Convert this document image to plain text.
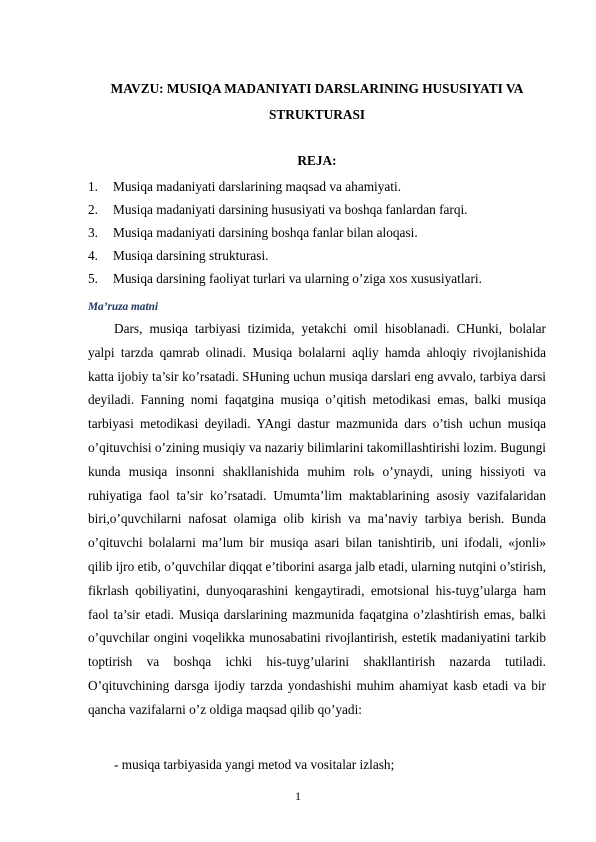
MAVZU: MUSIQA MADANIYATI DARSLARINING HUSUSIYATI VA
STRUKTURASI
REJA:
1.	Musiqa madaniyati darslarining maqsad va ahamiyati.
2.	Musiqa madaniyati darsining hususiyati va boshqa fanlardan farqi.
3.	Musiqa madaniyati darsining boshqa fanlar bilan aloqasi.
4.	Musiqa darsining strukturasi.
5.	Musiqa darsining faoliyat turlari va ularning o’ziga xos xususiyatlari.

Ma’ruza matni

Dars, musiqa tarbiyasi tizimida, yetakchi omil hisoblanadi. CHunki, bolalar yalpi tarzda qamrab olinadi. Musiqa bolalarni aqliy hamda ahloqiy rivojlanishida katta ijobiy ta’sir ko’rsatadi. SHuning uchun musiqa darslari eng avvalo, tarbiya darsi deyiladi. Fanning nomi faqatgina musiqa o’qitish metodikasi emas, balki musiqa tarbiyasi metodikasi deyiladi. YAngi dastur mazmunida dars o’tish uchun musiqa o’qituvchisi o’zining musiqiy va nazariy bilimlarini takomillashtirishi lozim. Bugungi kunda musiqa insonni shakllanishida muhim rolь o’ynaydi, uning hissiyoti va ruhiyatiga faol ta’sir ko’rsatadi. Umumta’lim maktablarining asosiy vazifalaridan biri,o’quvchilarni nafosat olamiga olib kirish va ma’naviy tarbiya berish. Bunda o’qituvchi bolalarni ma’lum bir musiqa asari bilan tanishtirib, uni ifodali, «jonli» qilib ijro etib, o’quvchilar diqqat e’tiborini asarga jalb etadi, ularning nutqini o’stirish, fikrlash qobiliyatini, dunyoqarashini kengaytiradi, emotsional his-tuyg’ularga ham faol ta’sir etadi. Musiqa darslarining mazmunida faqatgina o’zlashtirish emas, balki o’quvchilar ongini voqelikka munosabatini rivojlantirish, estetik madaniyatini tarkib toptirish va boshqa ichki his-tuyg’ularini shakllantirish nazarda tutiladi. O’qituvchining darsga ijodiy tarzda yondashishi muhim ahamiyat kasb etadi va bir qancha vazifalarni o’z oldiga maqsad qilib qo’yadi:

- musiqa tarbiyasida yangi metod va vositalar izlash;

1
